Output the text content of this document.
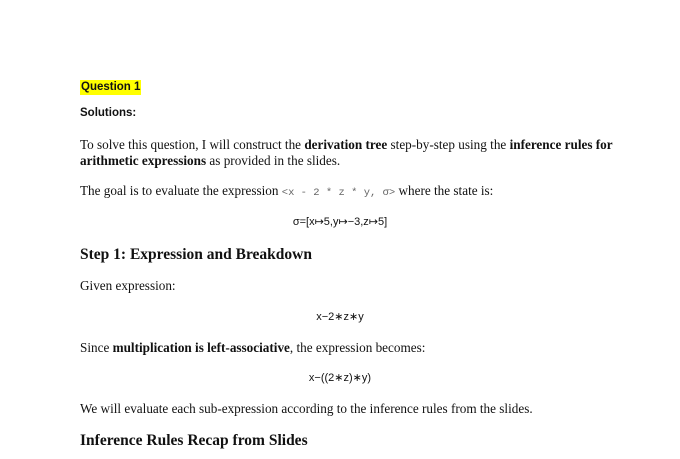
Question 1
Solutions:
To solve this question, I will construct the derivation tree step-by-step using the inference rules for arithmetic expressions as provided in the slides.
The goal is to evaluate the expression <x - 2 * z * y, σ> where the state is:
σ=[x↦5,y↦−3,z↦5]
Step 1: Expression and Breakdown
Given expression:
x−2∗z∗y
Since multiplication is left-associative, the expression becomes:
x−((2∗z)∗y)
We will evaluate each sub-expression according to the inference rules from the slides.
Inference Rules Recap from Slides
